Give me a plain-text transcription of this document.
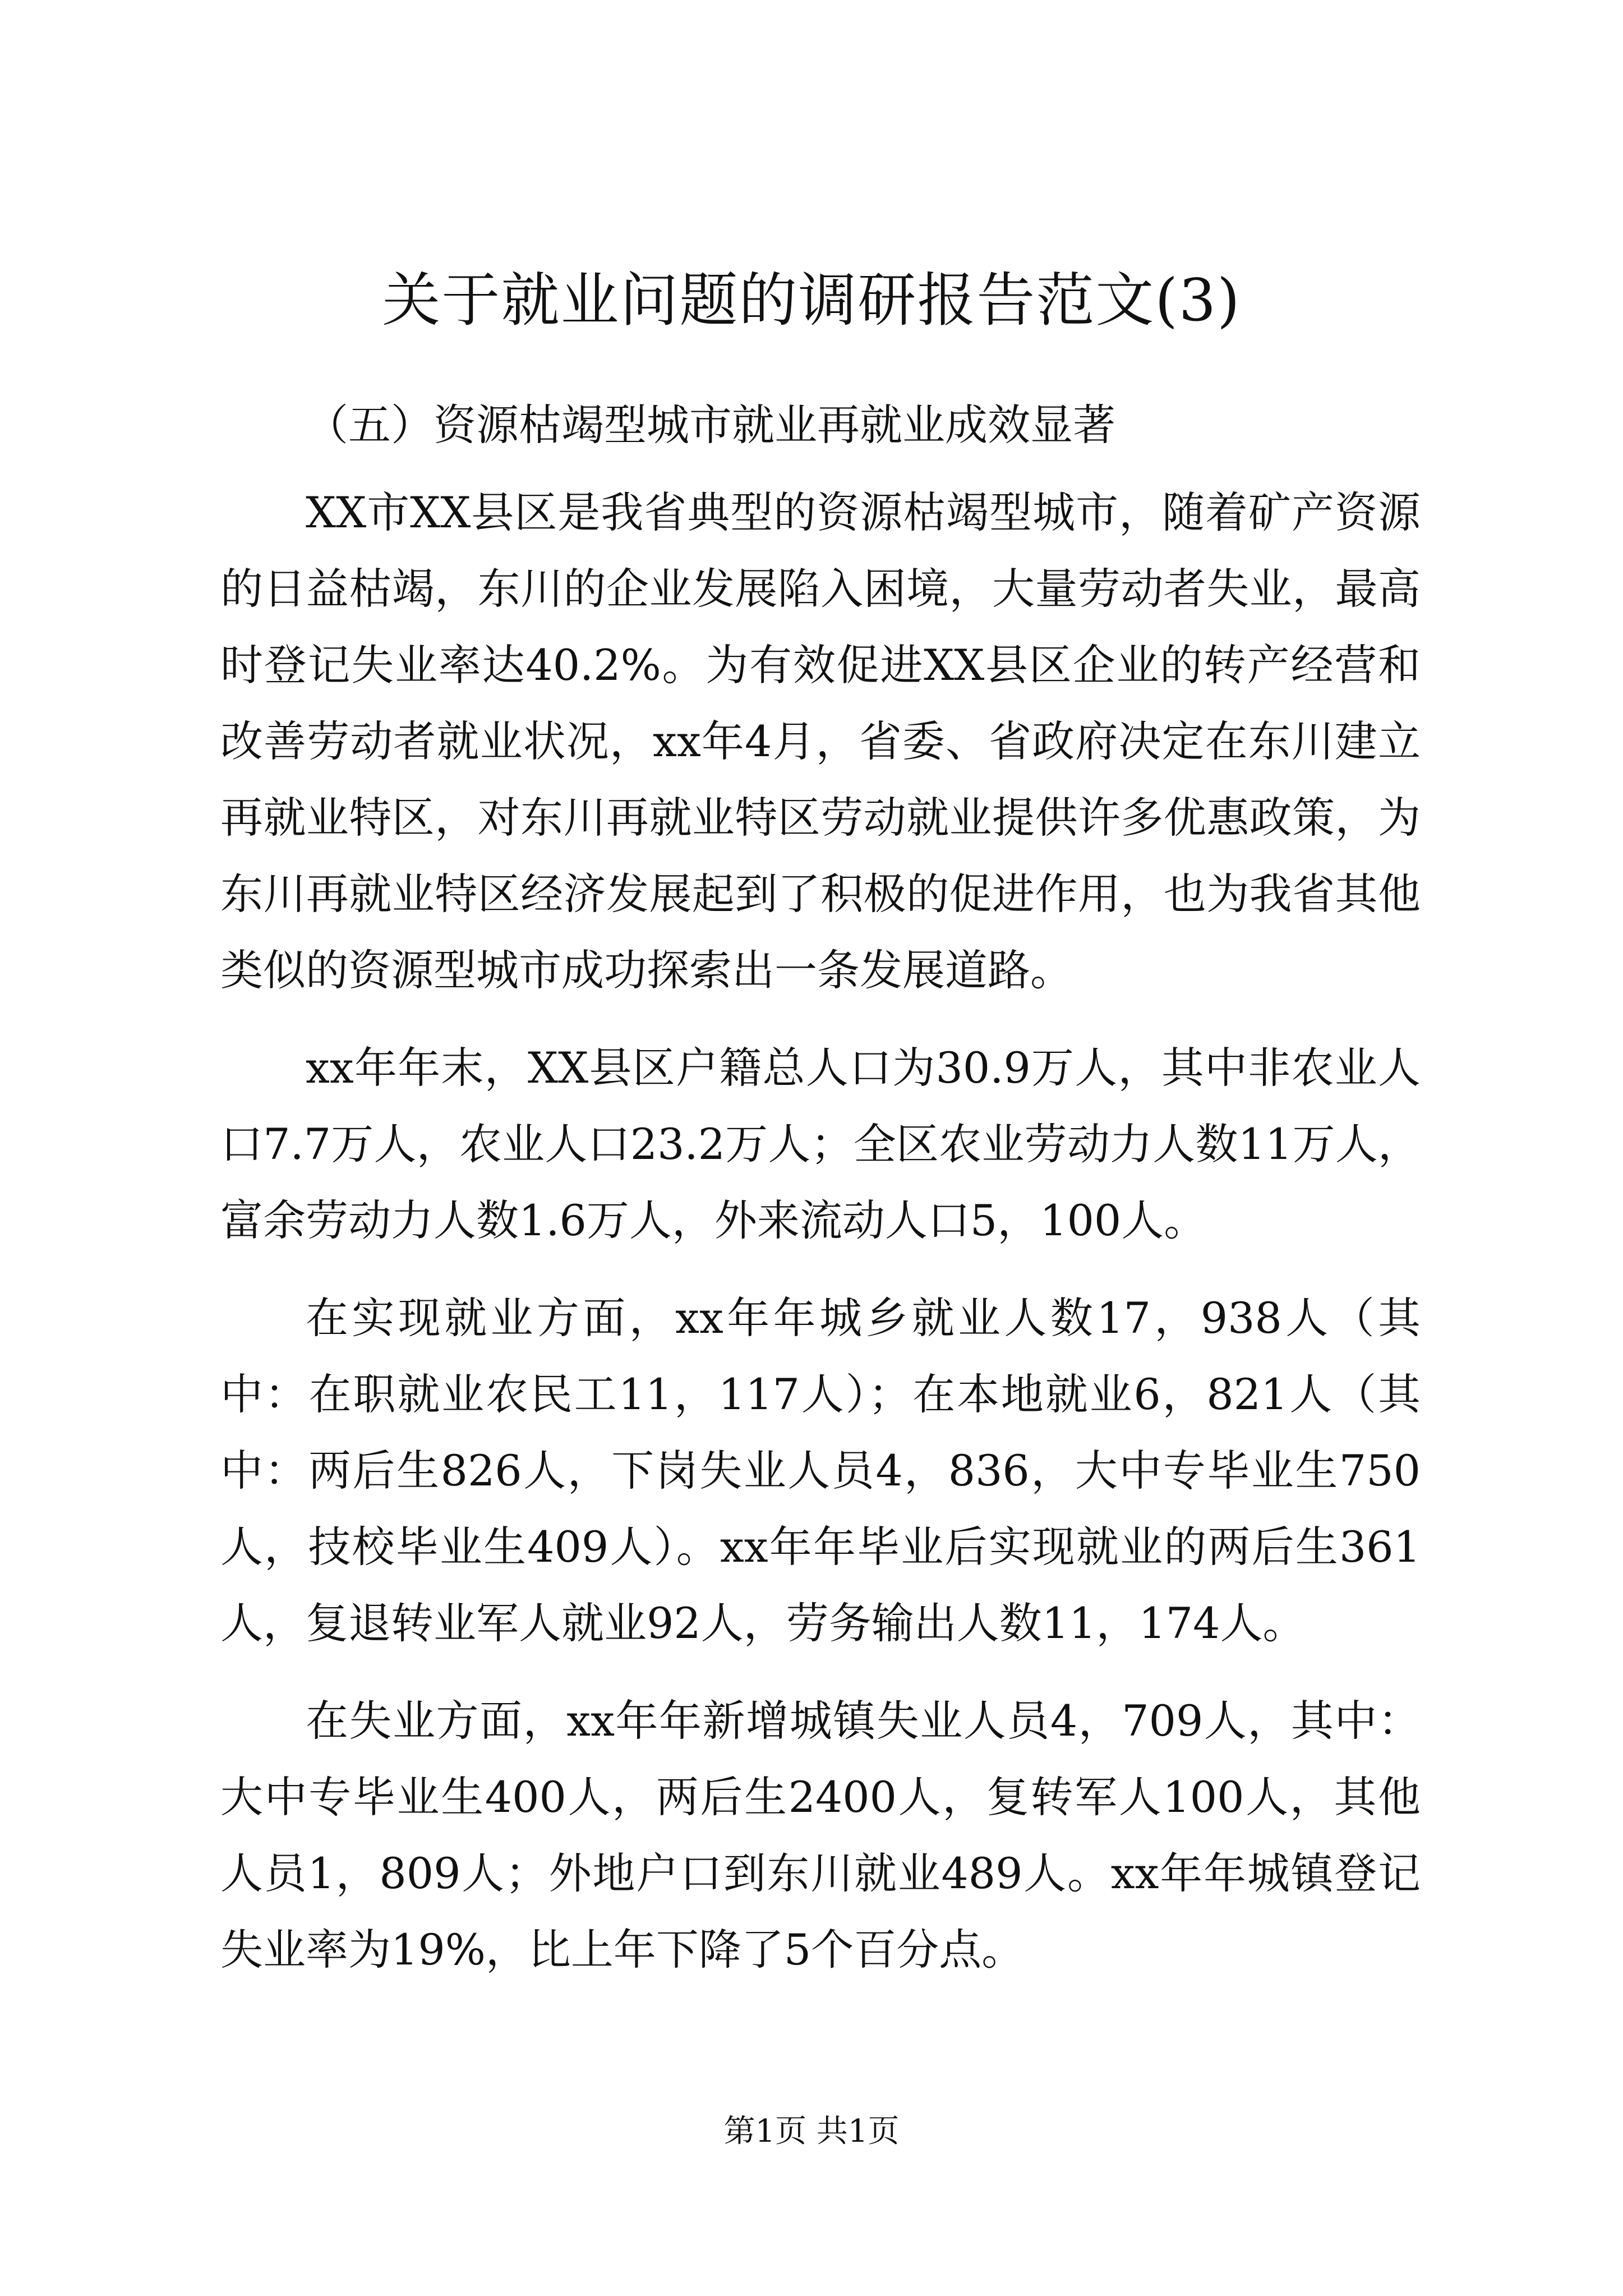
关于就业问题的调研报告范文(3)

（五）资源枯竭型城市就业再就业成效显著

XX市XX县区是我省典型的资源枯竭型城市，随着矿产资源的日益枯竭，东川的企业发展陷入困境，大量劳动者失业，最高时登记失业率达40.2%。为有效促进XX县区企业的转产经营和改善劳动者就业状况，xx年4月，省委、省政府决定在东川建立再就业特区，对东川再就业特区劳动就业提供许多优惠政策，为东川再就业特区经济发展起到了积极的促进作用，也为我省其他类似的资源型城市成功探索出一条发展道路。

xx年年末，XX县区户籍总人口为30.9万人，其中非农业人口7.7万人，农业人口23.2万人；全区农业劳动力人数11万人，富余劳动力人数1.6万人，外来流动人口5，100人。

在实现就业方面，xx年年城乡就业人数17，938人（其中：在职就业农民工11，117人）；在本地就业6，821人（其中：两后生826人，下岗失业人员4，836，大中专毕业生750人，技校毕业生409人）。xx年年毕业后实现就业的两后生361人，复退转业军人就业92人，劳务输出人数11，174人。

在失业方面，xx年年新增城镇失业人员4，709人，其中：大中专毕业生400人，两后生2400人，复转军人100人，其他人员1，809人；外地户口到东川就业489人。xx年年城镇登记失业率为19%，比上年下降了5个百分点。

第1页 共1页
